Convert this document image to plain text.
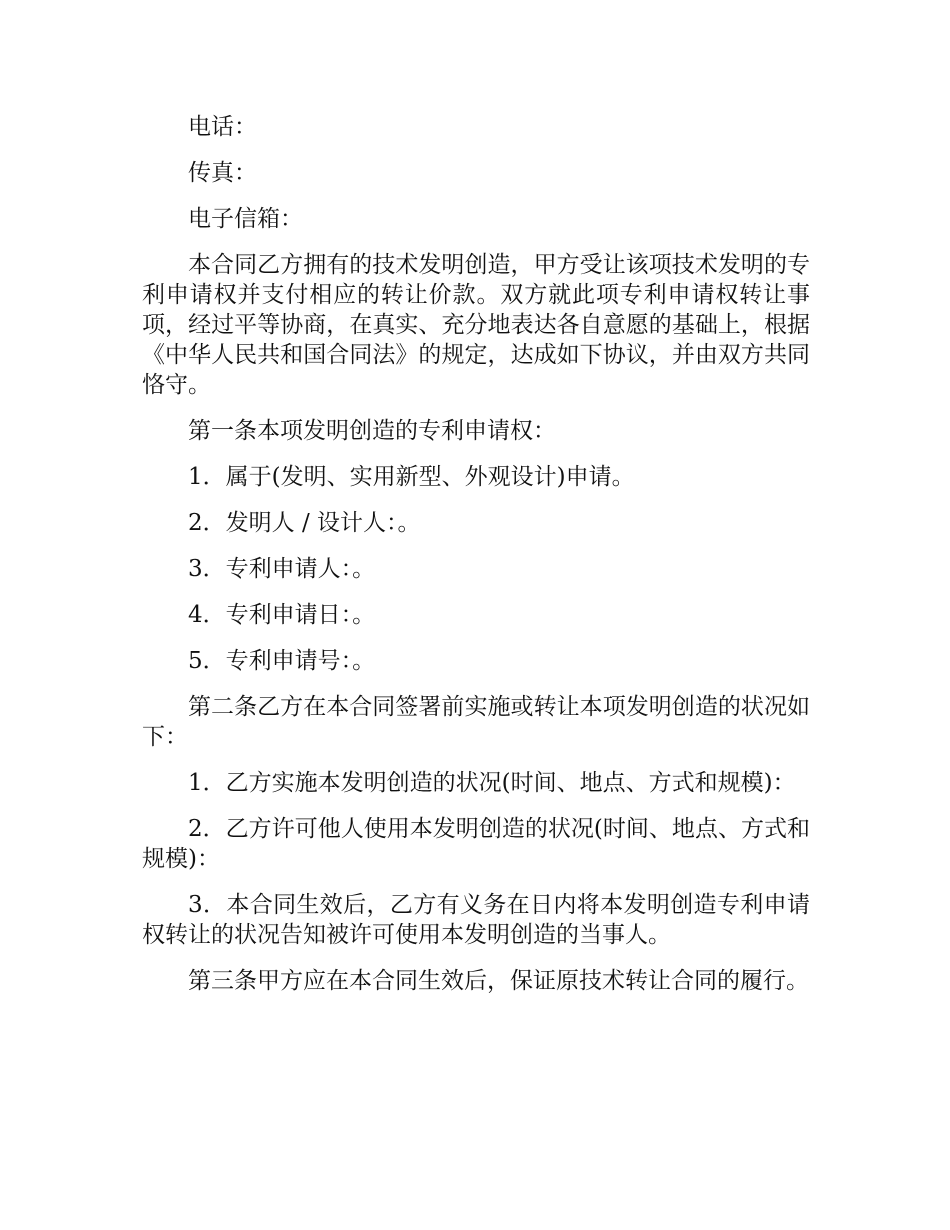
电话：

传真：

电子信箱：

本合同乙方拥有的技术发明创造，甲方受让该项技术发明的专利申请权并支付相应的转让价款。双方就此项专利申请权转让事项，经过平等协商，在真实、充分地表达各自意愿的基础上，根据《中华人民共和国合同法》的规定，达成如下协议，并由双方共同恪守。

第一条本项发明创造的专利申请权：

1．属于(发明、实用新型、外观设计)申请。

2．发明人 / 设计人：。

3．专利申请人：。

4．专利申请日：。

5．专利申请号：。

第二条乙方在本合同签署前实施或转让本项发明创造的状况如下：

1．乙方实施本发明创造的状况(时间、地点、方式和规模)：

2．乙方许可他人使用本发明创造的状况(时间、地点、方式和规模)：

3．本合同生效后，乙方有义务在日内将本发明创造专利申请权转让的状况告知被许可使用本发明创造的当事人。

第三条甲方应在本合同生效后，保证原技术转让合同的履行。
